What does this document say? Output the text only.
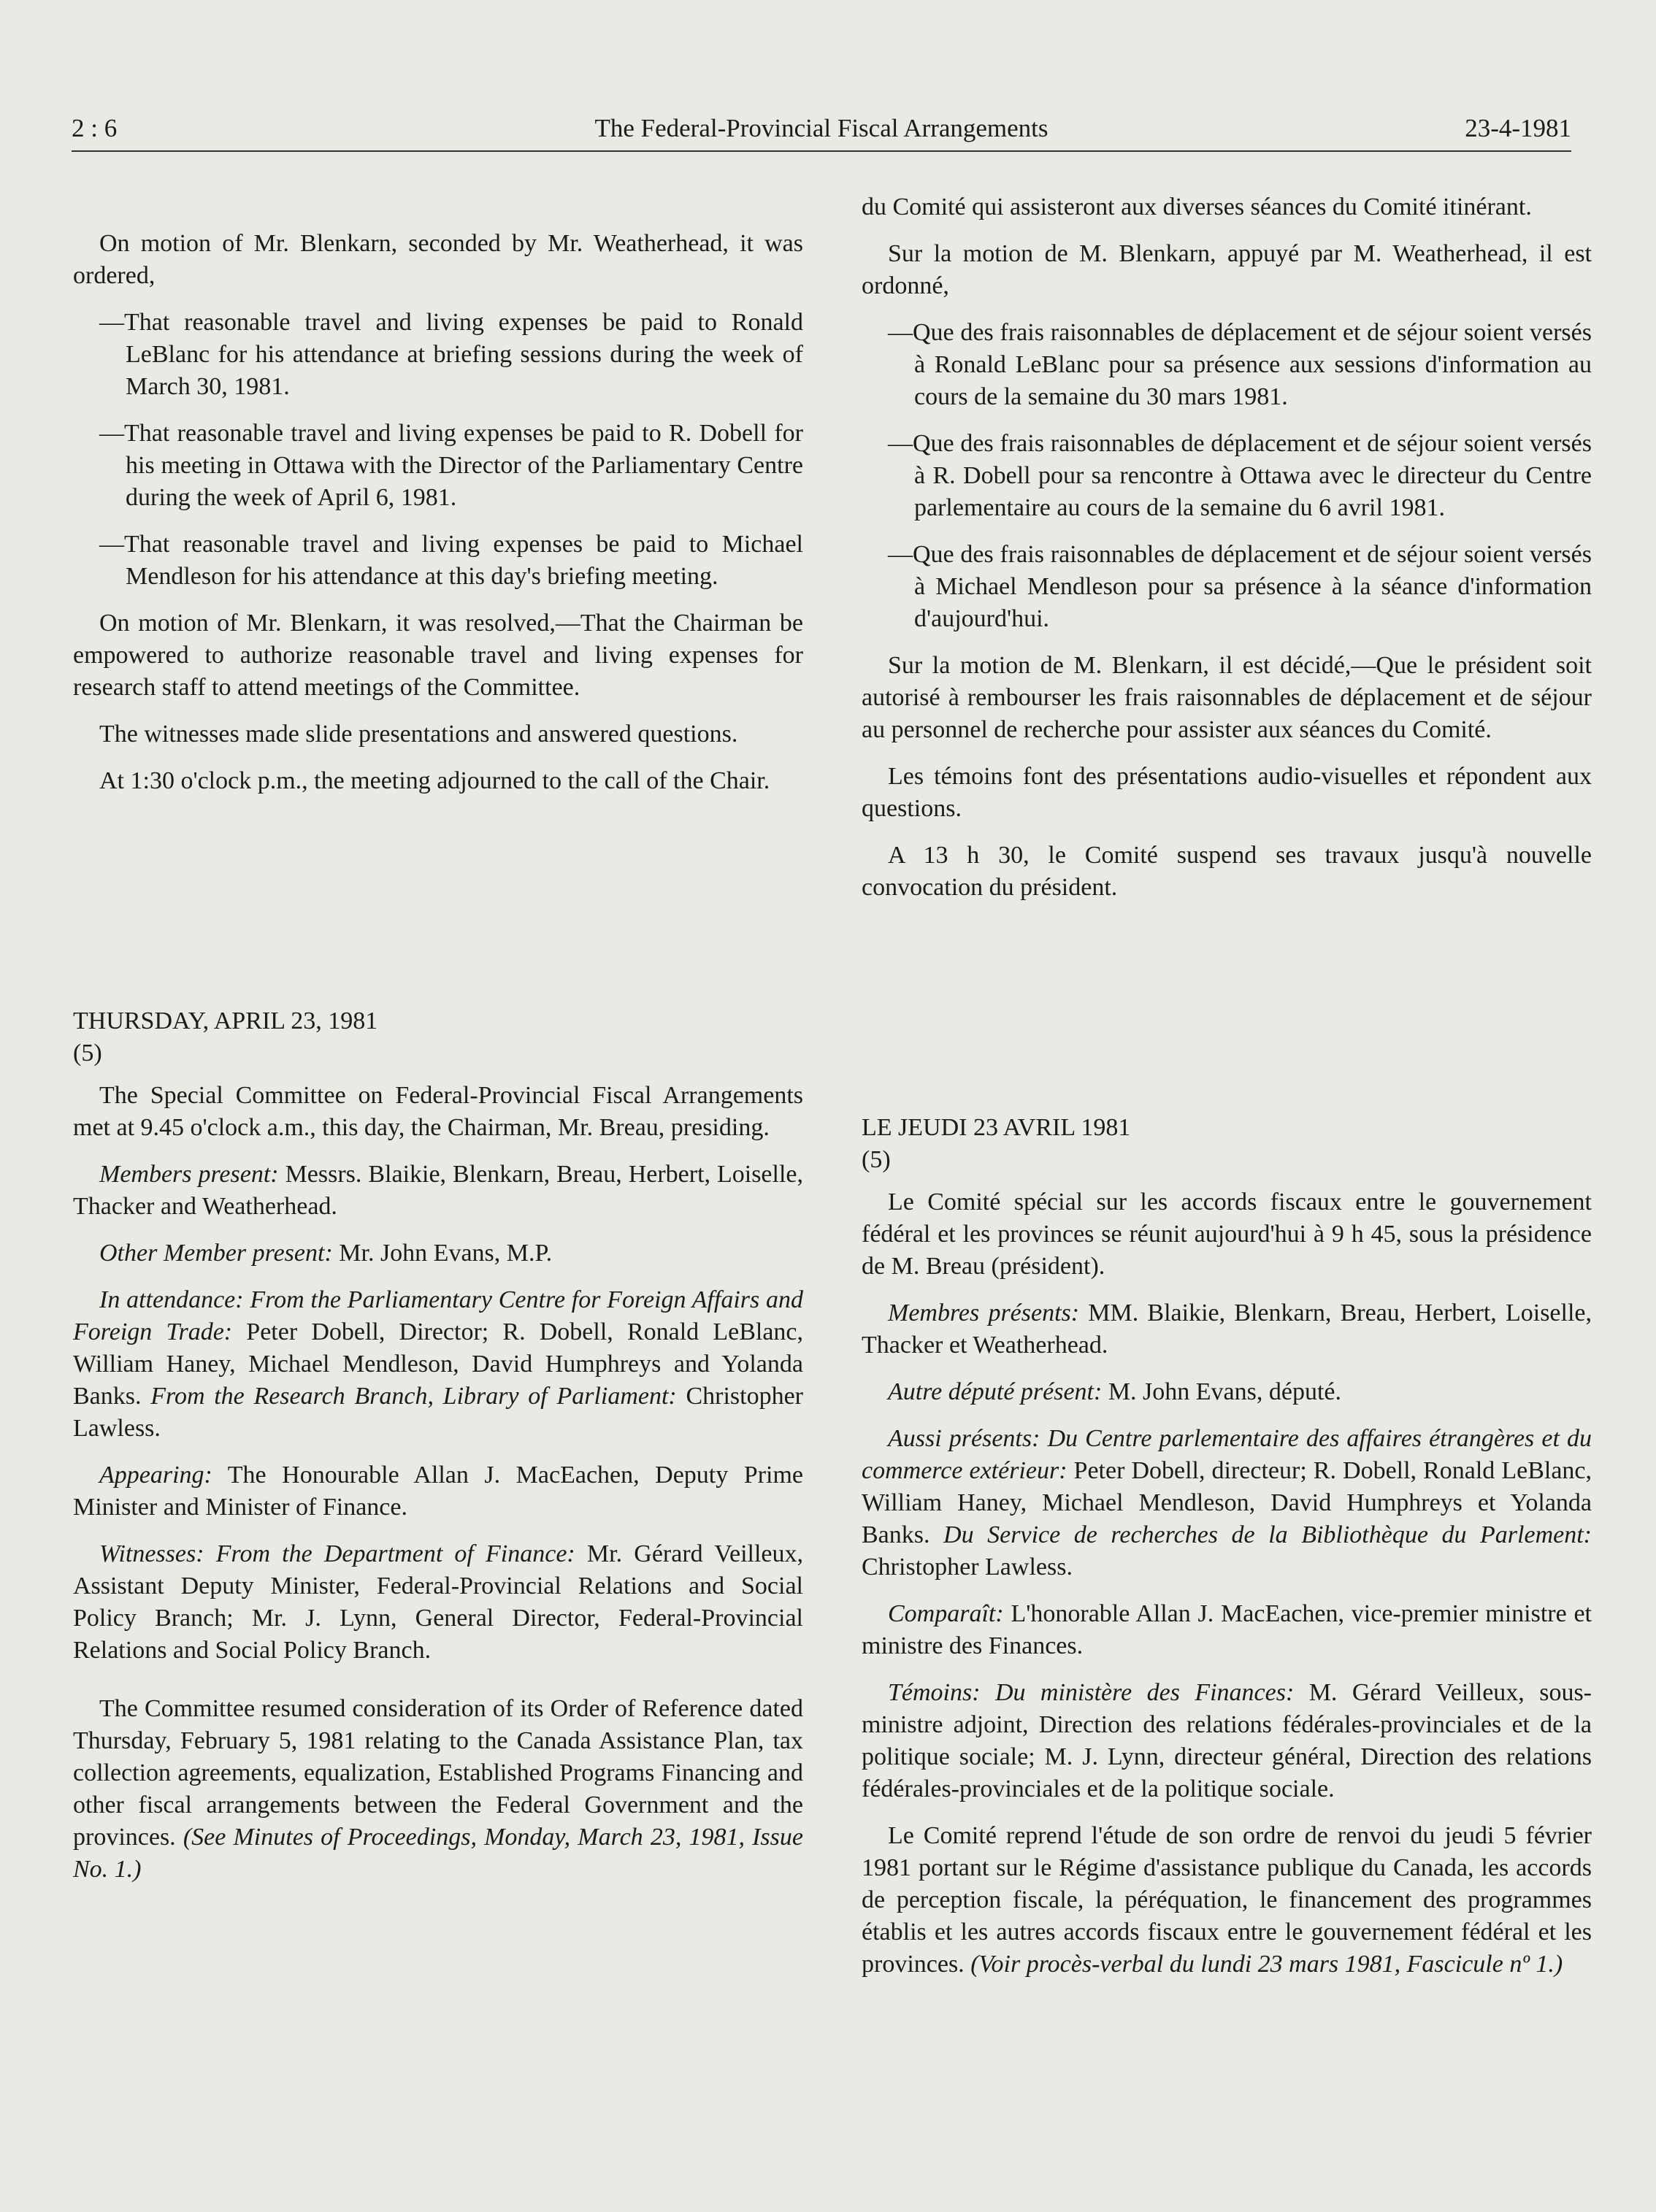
2 : 6	The Federal-Provincial Fiscal Arrangements	23-4-1981

On motion of Mr. Blenkarn, seconded by Mr. Weatherhead, it was ordered,

—That reasonable travel and living expenses be paid to Ronald LeBlanc for his attendance at briefing sessions during the week of March 30, 1981.

—That reasonable travel and living expenses be paid to R. Dobell for his meeting in Ottawa with the Director of the Parliamentary Centre during the week of April 6, 1981.

—That reasonable travel and living expenses be paid to Michael Mendleson for his attendance at this day's briefing meeting.

On motion of Mr. Blenkarn, it was resolved,—That the Chairman be empowered to authorize reasonable travel and living expenses for research staff to attend meetings of the Committee.

The witnesses made slide presentations and answered questions.

At 1:30 o'clock p.m., the meeting adjourned to the call of the Chair.

THURSDAY, APRIL 23, 1981

(5)

The Special Committee on Federal-Provincial Fiscal Arrangements met at 9.45 o'clock a.m., this day, the Chairman, Mr. Breau, presiding.

Members present: Messrs. Blaikie, Blenkarn, Breau, Herbert, Loiselle, Thacker and Weatherhead.

Other Member present: Mr. John Evans, M.P.

In attendance: From the Parliamentary Centre for Foreign Affairs and Foreign Trade: Peter Dobell, Director; R. Dobell, Ronald LeBlanc, William Haney, Michael Mendleson, David Humphreys and Yolanda Banks. From the Research Branch, Library of Parliament: Christopher Lawless.

Appearing: The Honourable Allan J. MacEachen, Deputy Prime Minister and Minister of Finance.

Witnesses: From the Department of Finance: Mr. Gérard Veilleux, Assistant Deputy Minister, Federal-Provincial Relations and Social Policy Branch; Mr. J. Lynn, General Director, Federal-Provincial Relations and Social Policy Branch.

The Committee resumed consideration of its Order of Reference dated Thursday, February 5, 1981 relating to the Canada Assistance Plan, tax collection agreements, equalization, Established Programs Financing and other fiscal arrangements between the Federal Government and the provinces. (See Minutes of Proceedings, Monday, March 23, 1981, Issue No. 1.)

du Comité qui assisteront aux diverses séances du Comité itinérant.

Sur la motion de M. Blenkarn, appuyé par M. Weatherhead, il est ordonné,

—Que des frais raisonnables de déplacement et de séjour soient versés à Ronald LeBlanc pour sa présence aux sessions d'information au cours de la semaine du 30 mars 1981.

—Que des frais raisonnables de déplacement et de séjour soient versés à R. Dobell pour sa rencontre à Ottawa avec le directeur du Centre parlementaire au cours de la semaine du 6 avril 1981.

—Que des frais raisonnables de déplacement et de séjour soient versés à Michael Mendleson pour sa présence à la séance d'information d'aujourd'hui.

Sur la motion de M. Blenkarn, il est décidé,—Que le président soit autorisé à rembourser les frais raisonnables de déplacement et de séjour au personnel de recherche pour assister aux séances du Comité.

Les témoins font des présentations audio-visuelles et répondent aux questions.

A 13 h 30, le Comité suspend ses travaux jusqu'à nouvelle convocation du président.

LE JEUDI 23 AVRIL 1981

(5)

Le Comité spécial sur les accords fiscaux entre le gouvernement fédéral et les provinces se réunit aujourd'hui à 9 h 45, sous la présidence de M. Breau (président).

Membres présents: MM. Blaikie, Blenkarn, Breau, Herbert, Loiselle, Thacker et Weatherhead.

Autre député présent: M. John Evans, député.

Aussi présents: Du Centre parlementaire des affaires étrangères et du commerce extérieur: Peter Dobell, directeur; R. Dobell, Ronald LeBlanc, William Haney, Michael Mendleson, David Humphreys et Yolanda Banks. Du Service de recherches de la Bibliothèque du Parlement: Christopher Lawless.

Comparaît: L'honorable Allan J. MacEachen, vice-premier ministre et ministre des Finances.

Témoins: Du ministère des Finances: M. Gérard Veilleux, sous-ministre adjoint, Direction des relations fédérales-provinciales et de la politique sociale; M. J. Lynn, directeur général, Direction des relations fédérales-provinciales et de la politique sociale.

Le Comité reprend l'étude de son ordre de renvoi du jeudi 5 février 1981 portant sur le Régime d'assistance publique du Canada, les accords de perception fiscale, la péréquation, le financement des programmes établis et les autres accords fiscaux entre le gouvernement fédéral et les provinces. (Voir procès-verbal du lundi 23 mars 1981, Fascicule nº 1.)
